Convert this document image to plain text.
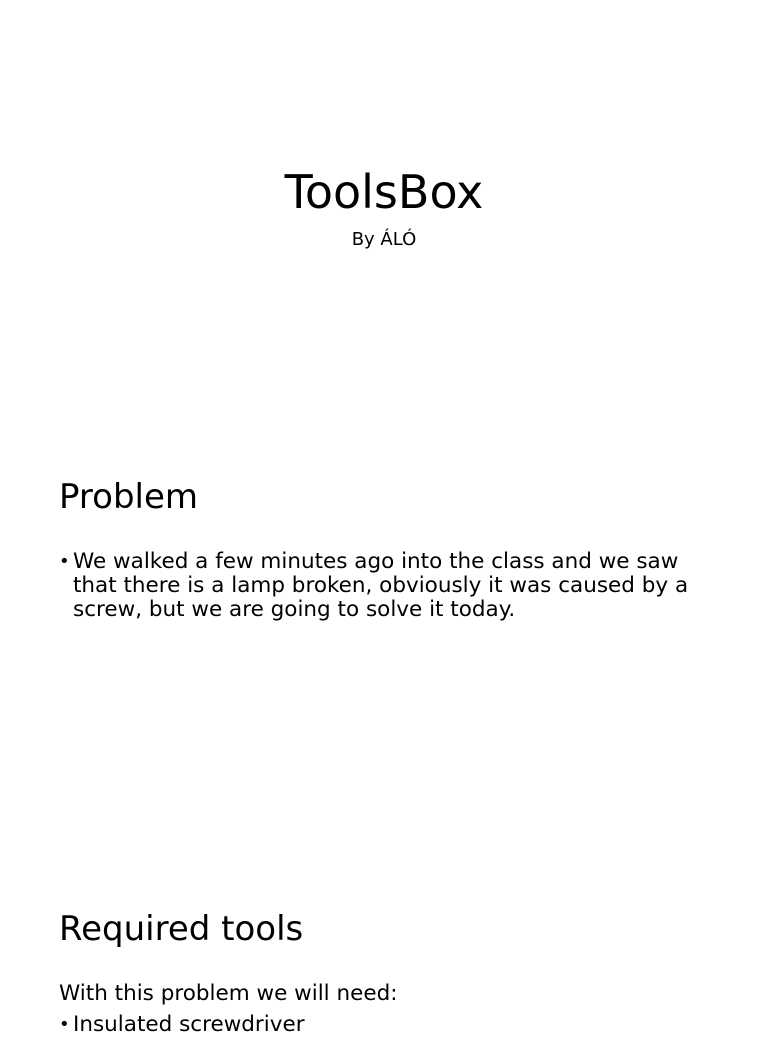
ToolsBox
By ÁLÓ
Problem
• We walked a few minutes ago into the class and we saw that there is a lamp broken, obviously it was caused by a screw, but we are going to solve it today.
Required tools

With this problem we will need:

• Insulated screwdriver
